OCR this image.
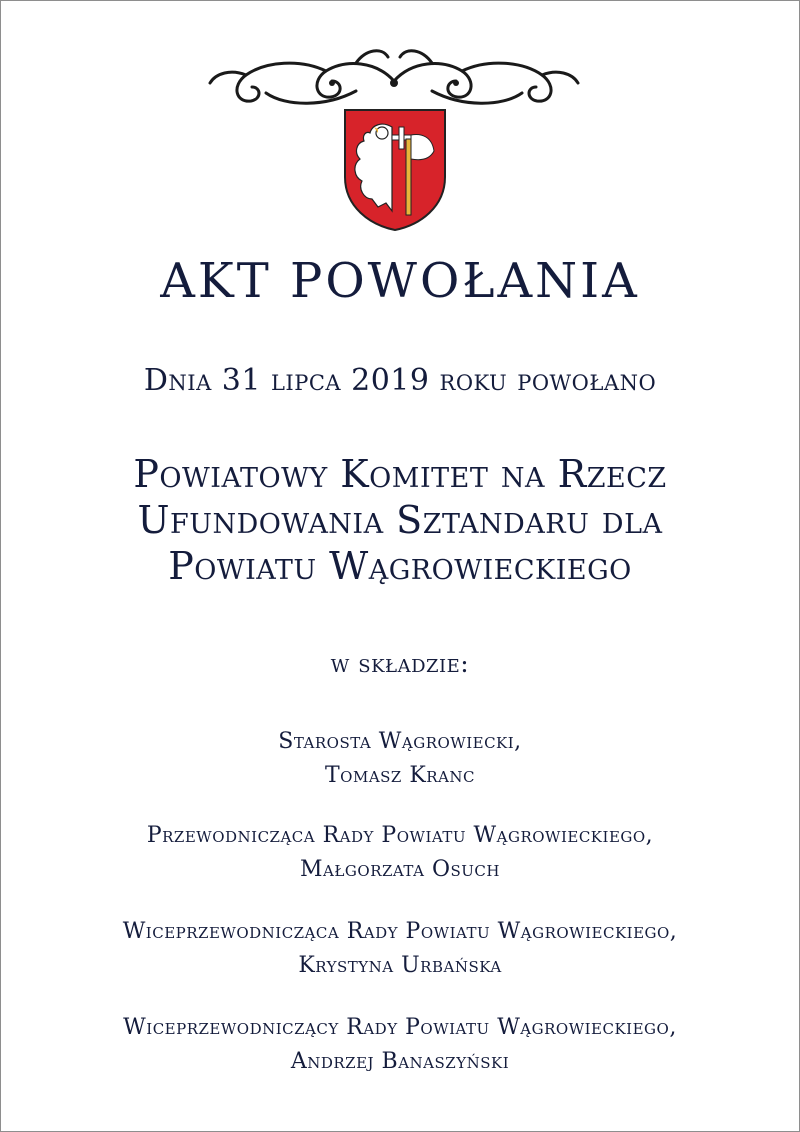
AKT POWOŁANIA
Dnia 31 lipca 2019 roku powołano
Powiatowy Komitet na Rzecz
Ufundowania Sztandaru dla
Powiatu Wągrowieckiego
w składzie:
Starosta Wągrowiecki,
Tomasz Kranc
Przewodnicząca Rady Powiatu Wągrowieckiego,
Małgorzata Osuch
Wiceprzewodnicząca Rady Powiatu Wągrowieckiego,
Krystyna Urbańska
Wiceprzewodniczący Rady Powiatu Wągrowieckiego,
Andrzej Banaszyński
